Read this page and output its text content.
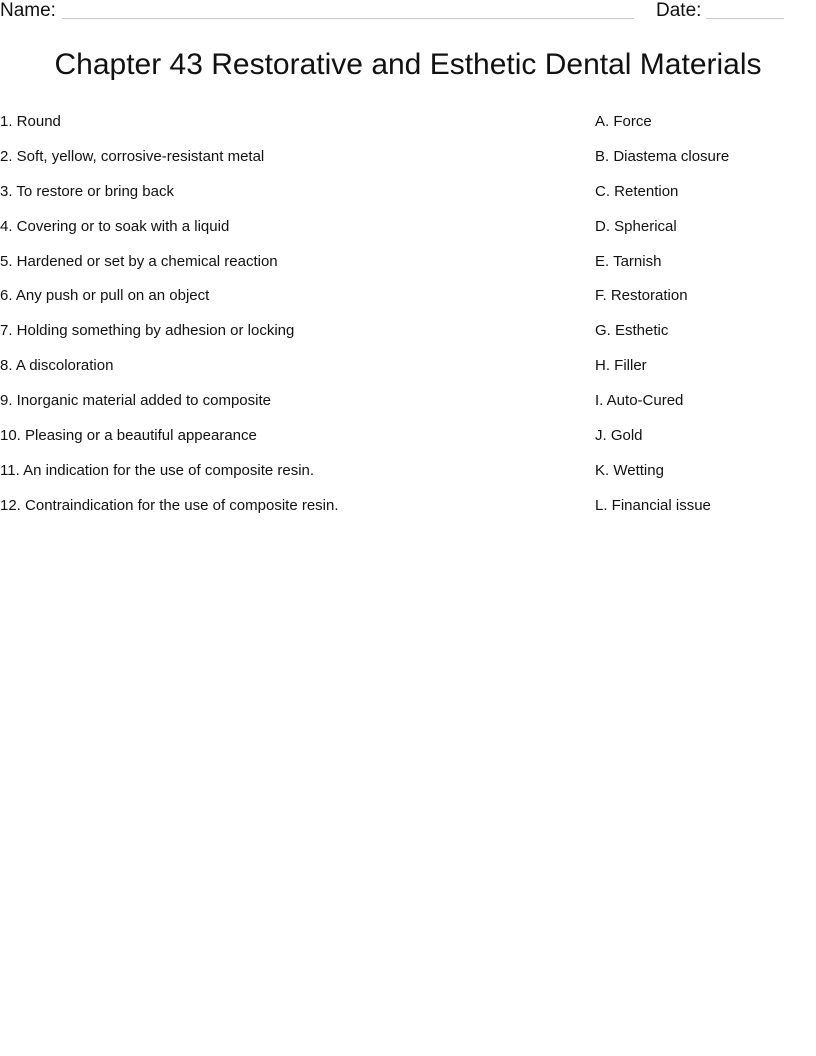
Name:	Date:
Chapter 43 Restorative and Esthetic Dental Materials
1. Round
2. Soft, yellow, corrosive-resistant metal
3. To restore or bring back
4. Covering or to soak with a liquid
5. Hardened or set by a chemical reaction
6. Any push or pull on an object
7. Holding something by adhesion or locking
8. A discoloration
9. Inorganic material added to composite
10. Pleasing or a beautiful appearance
11. An indication for the use of composite resin.
12. Contraindication for the use of composite resin.
A. Force
B. Diastema closure
C. Retention
D. Spherical
E. Tarnish
F. Restoration
G. Esthetic
H. Filler
I. Auto-Cured
J. Gold
K. Wetting
L. Financial issue
